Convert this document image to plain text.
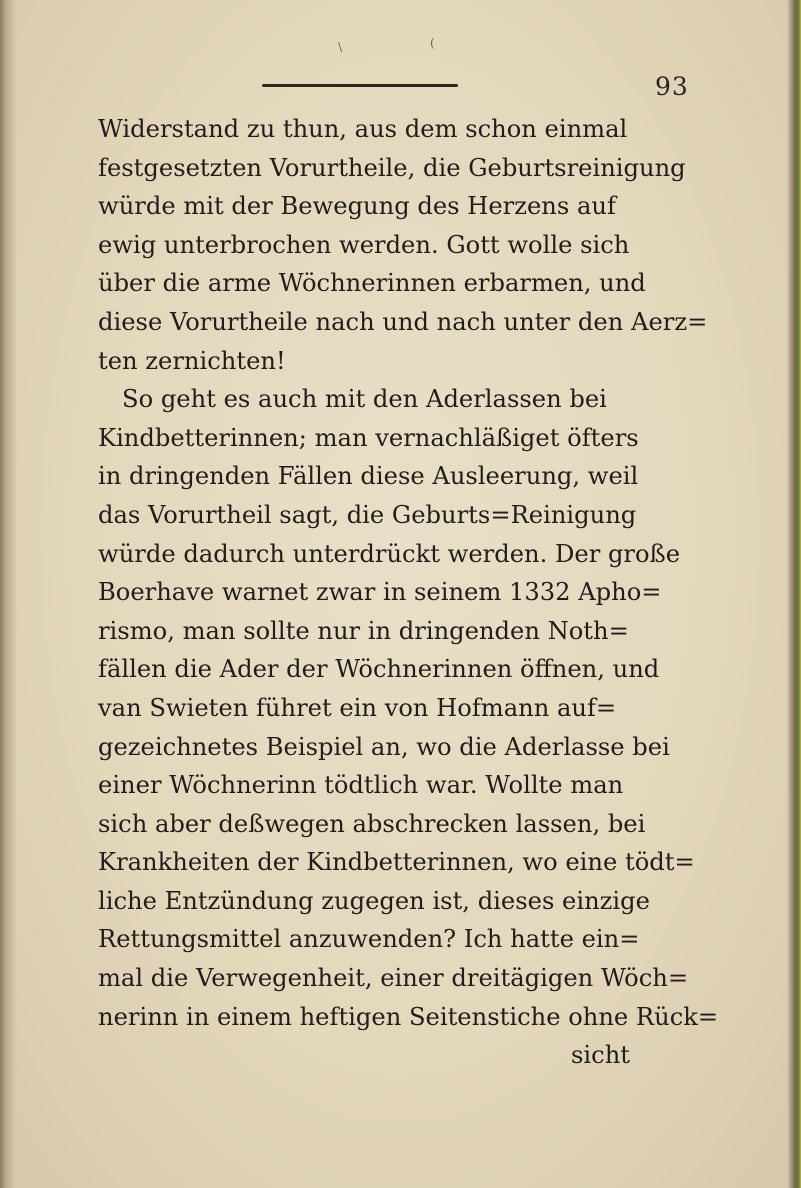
\	(
93
Widerstand zu thun, aus dem schon einmal
festgesetzten Vorurtheile, die Geburtsreinigung
würde mit der Bewegung des Herzens auf
ewig unterbrochen werden. Gott wolle sich
über die arme Wöchnerinnen erbarmen, und
diese Vorurtheile nach und nach unter den Aerz=
ten zernichten!
So geht es auch mit den Aderlassen bei
Kindbetterinnen; man vernachläßiget öfters
in dringenden Fällen diese Ausleerung, weil
das Vorurtheil sagt, die Geburts=Reinigung
würde dadurch unterdrückt werden. Der große
Boerhave warnet zwar in seinem 1332 Apho=
rismo, man sollte nur in dringenden Noth=
fällen die Ader der Wöchnerinnen öffnen, und
van Swieten führet ein von Hofmann auf=
gezeichnetes Beispiel an, wo die Aderlasse bei
einer Wöchnerinn tödtlich war. Wollte man
sich aber deßwegen abschrecken lassen, bei
Krankheiten der Kindbetterinnen, wo eine tödt=
liche Entzündung zugegen ist, dieses einzige
Rettungsmittel anzuwenden? Ich hatte ein=
mal die Verwegenheit, einer dreitägigen Wöch=
nerinn in einem heftigen Seitenstiche ohne Rück=
sicht
